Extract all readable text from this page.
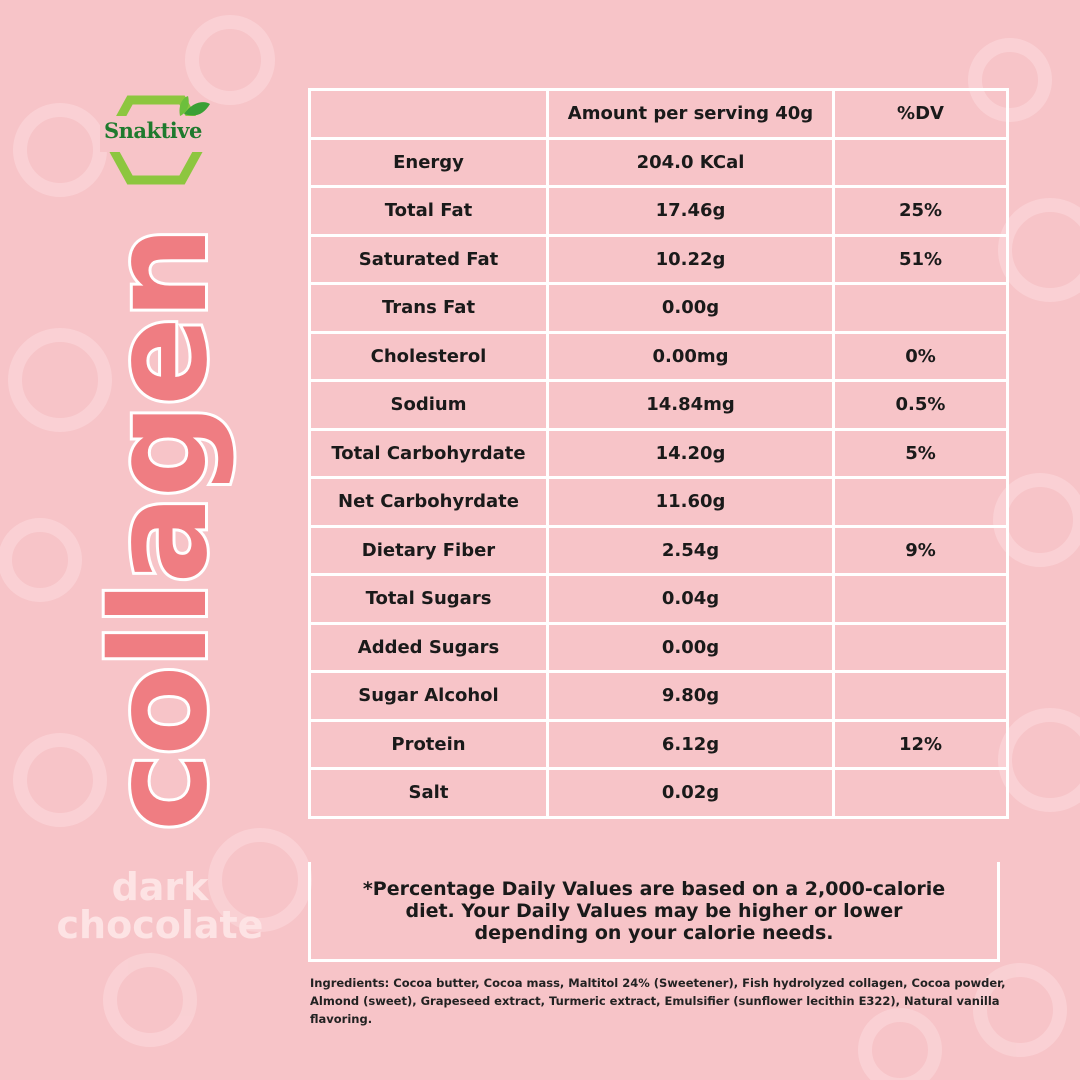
Snaktive
collagen
dark
chocolate
	Amount per serving 40g	%DV
Energy	204.0 KCal	
Total Fat	17.46g	25%
Saturated Fat	10.22g	51%
Trans Fat	0.00g	
Cholesterol	0.00mg	0%
Sodium	14.84mg	0.5%
Total Carbohyrdate	14.20g	5%
Net Carbohyrdate	11.60g	
Dietary Fiber	2.54g	9%
Total Sugars	0.04g	
Added Sugars	0.00g	
Sugar Alcohol	9.80g	
Protein	6.12g	12%
Salt	0.02g	
*Percentage Daily Values are based on a 2,000-calorie diet. Your Daily Values may be higher or lower depending on your calorie needs.
Ingredients: Cocoa butter, Cocoa mass, Maltitol 24% (Sweetener), Fish hydrolyzed collagen, Cocoa powder, Almond (sweet), Grapeseed extract, Turmeric extract, Emulsifier (sunflower lecithin E322), Natural vanilla flavoring.
